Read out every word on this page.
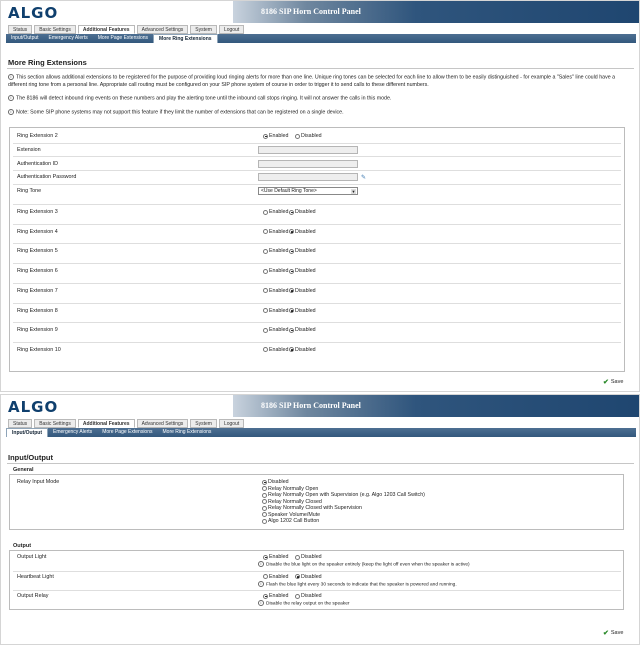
ALGO	8186 SIP Horn Control Panel
Status	Basic Settings	Additional Features	Advanced Settings	System	Logout
Input/Output	Emergency Alerts	More Page Extensions	More Ring Extensions
More Ring Extensions
i This section allows additional extensions to be registered for the purpose of providing loud ringing alerts for more than one line. Unique ring tones can be selected for each line to allow them to be easily distinguished - for example a "Sales" line could have a different ring tone from a personal line. Appropriate call routing must be configured on your SIP phone system of course in order to trigger it to send calls to these different numbers.
i The 8186 will detect inbound ring events on these numbers and play the alerting tone until the inbound call stops ringing. It will not answer the calls in this mode.
i Note: Some SIP phone systems may not support this feature if they limit the number of extensions that can be registered on a single device.
Ring Extension 2	Enabled Disabled
Extension
Authentication ID
Authentication Password	✎
Ring Tone	<Use Default Ring Tone>	▼
Ring Extension 3	Enabled Disabled
Ring Extension 4	Enabled Disabled
Ring Extension 5	Enabled Disabled
Ring Extension 6	Enabled Disabled
Ring Extension 7	Enabled Disabled
Ring Extension 8	Enabled Disabled
Ring Extension 9	Enabled Disabled
Ring Extension 10	Enabled Disabled
✔ Save
ALGO	8186 SIP Horn Control Panel
Status	Basic Settings	Additional Features	Advanced Settings	System	Logout
Input/Output	Emergency Alerts	More Page Extensions	More Ring Extensions
Input/Output
General
Relay Input Mode	Disabled
Relay Normally Open
Relay Normally Open with Supervision (e.g. Algo 1203 Call Switch)
Relay Normally Closed
Relay Normally Closed with Supervision
Speaker Volume/Mute
Algo 1202 Call Button
Output
Output Light	Enabled Disabled
i Disable the blue light on the speaker entirely (keep the light off even when the speaker is active)
Heartbeat Light	Enabled Disabled
i Flash the blue light every 30 seconds to indicate that the speaker is powered and running.
Output Relay	Enabled Disabled
i Disable the relay output on the speaker
✔ Save
